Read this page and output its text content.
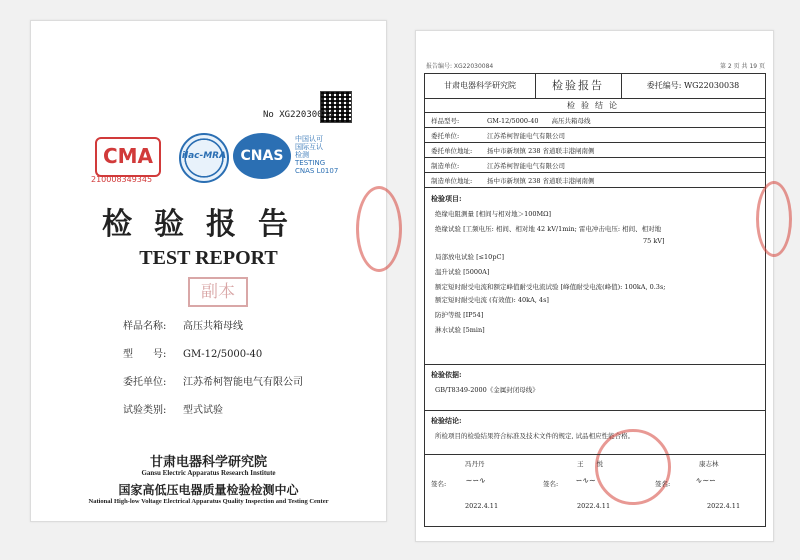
No XG22030084
CMA
210008349345
ilac-MRA	CNAS
中国认可
国际互认
检测
TESTING
CNAS L0107
检验报告
TEST REPORT
副本
样品名称: 高压共箱母线
型　　号: GM-12/5000-40
委托单位: 江苏希柯智能电气有限公司
试验类别: 型式试验
甘肃电器科学研究院
Gansu Electric Apparatus Research Institute
国家高低压电器质量检验检测中心
National High-low Voltage Electrical Apparatus Quality Inspection and Testing Center
报告编号: XG22030084	第 2 页 共 19 页
甘肃电器科学研究院	检验报告	委托编号: WG22030038
检验结论
样品型号:	GM-12/5000-40　　高压共箱母线
委托单位:	江苏希柯智能电气有限公司
委托单位地址: 扬中市新坝镇 238 省道联丰港闸南侧
制造单位:	江苏希柯智能电气有限公司
制造单位地址: 扬中市新坝镇 238 省道联丰港闸南侧
检验项目:
绝缘电阻测量 [相间与相对地＞100MΩ]
绝缘试验 [工频电压: 相间、相对地 42 kV/1min; 雷电冲击电压: 相间、相对地
75 kV]
局部放电试验 [≤10pC]
温升试验 [5000A]
额定短时耐受电流和额定峰值耐受电流试验 [峰值耐受电流(峰值): 100kA, 0.3s;
额定短时耐受电流 (有效值): 40kA, 4s]
防护等级 [IP54]
淋水试验 [5min]
检验依据:
GB/T8349-2000《金属封闭母线》
检验结论:
所检项目的检验结果符合标准及技术文件的规定, 试品相应性能合格。
冯丹丹	王　　悦	康志林
签名:	签名:	签名:
∼∽∿	∽∿∼	∿∼∽
2022.4.11	2022.4.11	2022.4.11
